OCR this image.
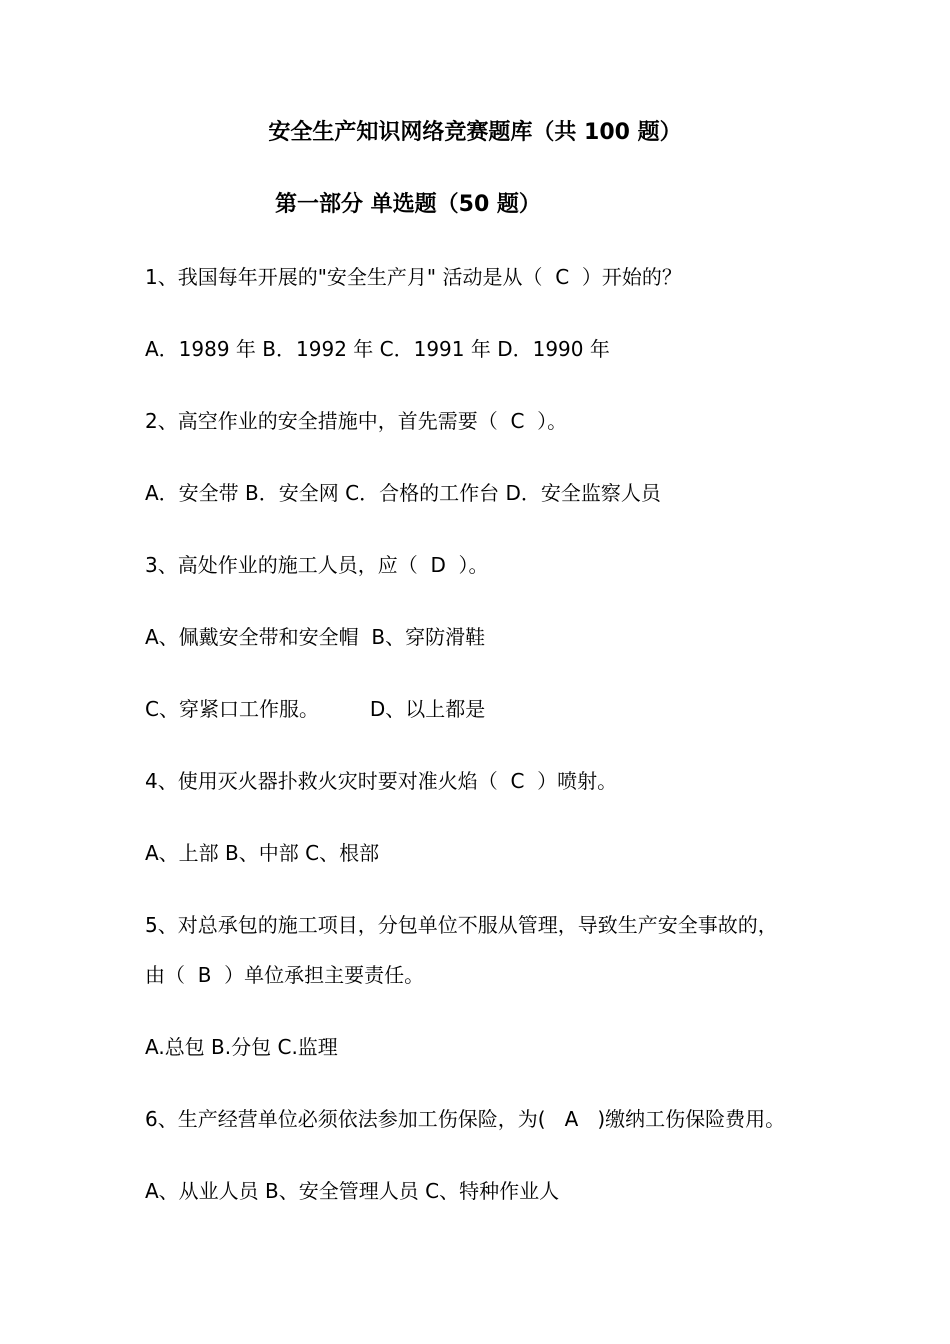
安全生产知识网络竞赛题库（共 100 题）
第一部分 单选题（50 题）
1、我国每年开展的"安全生产月" 活动是从（  C  ）开始的？
A．1989 年 B．1992 年 C．1991 年 D．1990 年
2、高空作业的安全措施中，首先需要（  C  ）。
A．安全带 B．安全网 C．合格的工作台 D．安全监察人员
3、高处作业的施工人员，应（  D  ）。
A、佩戴安全带和安全帽  B、穿防滑鞋
C、穿紧口工作服。        D、以上都是
4、使用灭火器扑救火灾时要对准火焰（  C  ）喷射。
A、上部 B、中部 C、根部
5、对总承包的施工项目，分包单位不服从管理，导致生产安全事故的，
由（  B  ）单位承担主要责任。
A.总包 B.分包 C.监理
6、生产经营单位必须依法参加工伤保险，为(   A   )缴纳工伤保险费用。
A、从业人员 B、安全管理人员 C、特种作业人
